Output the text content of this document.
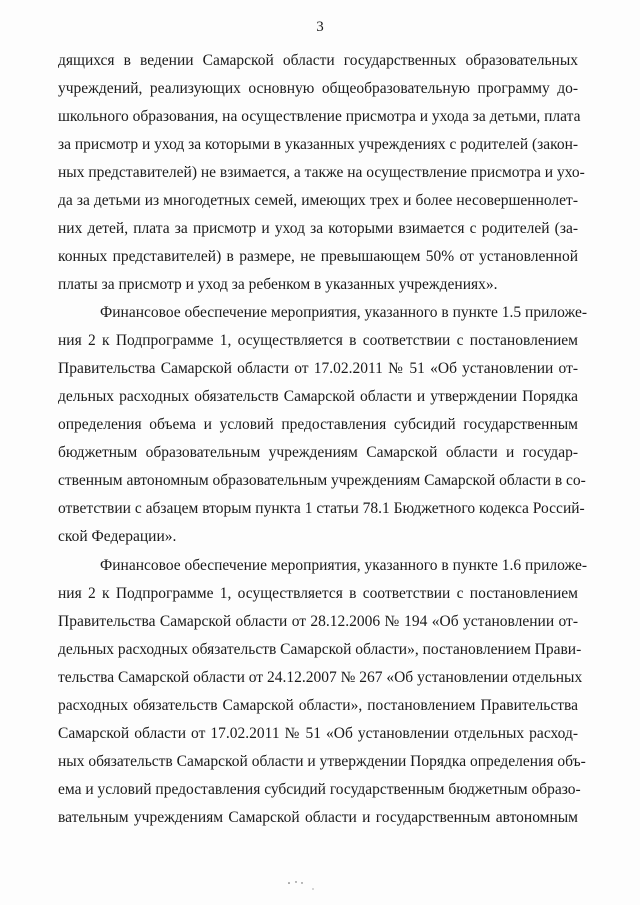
3
дящихся в ведении Самарской области государственных образовательных
учреждений, реализующих основную общеобразовательную программу до-
школьного образования, на осуществление присмотра и ухода за детьми, плата
за присмотр и уход за которыми в указанных учреждениях с родителей (закон-
ных представителей) не взимается, а также на осуществление присмотра и ухо-
да за детьми из многодетных семей, имеющих трех и более несовершеннолет-
них детей, плата за присмотр и уход за которыми взимается с родителей (за-
конных представителей) в размере, не превышающем 50% от установленной
платы за присмотр и уход за ребенком в указанных учреждениях».
Финансовое обеспечение мероприятия, указанного в пункте 1.5 приложе-
ния 2 к Подпрограмме 1, осуществляется в соответствии с постановлением
Правительства Самарской области от 17.02.2011 № 51 «Об установлении от-
дельных расходных обязательств Самарской области и утверждении Порядка
определения объема и условий предоставления субсидий государственным
бюджетным образовательным учреждениям Самарской области и государ-
ственным автономным образовательным учреждениям Самарской области в со-
ответствии с абзацем вторым пункта 1 статьи 78.1 Бюджетного кодекса Россий-
ской Федерации».
Финансовое обеспечение мероприятия, указанного в пункте 1.6 приложе-
ния 2 к Подпрограмме 1, осуществляется в соответствии с постановлением
Правительства Самарской области от 28.12.2006 № 194 «Об установлении от-
дельных расходных обязательств Самарской области», постановлением Прави-
тельства Самарской области от 24.12.2007 № 267 «Об установлении отдельных
расходных обязательств Самарской области», постановлением Правительства
Самарской области от 17.02.2011 № 51 «Об установлении отдельных расход-
ных обязательств Самарской области и утверждении Порядка определения объ-
ема и условий предоставления субсидий государственным бюджетным образо-
вательным учреждениям Самарской области и государственным автономным
